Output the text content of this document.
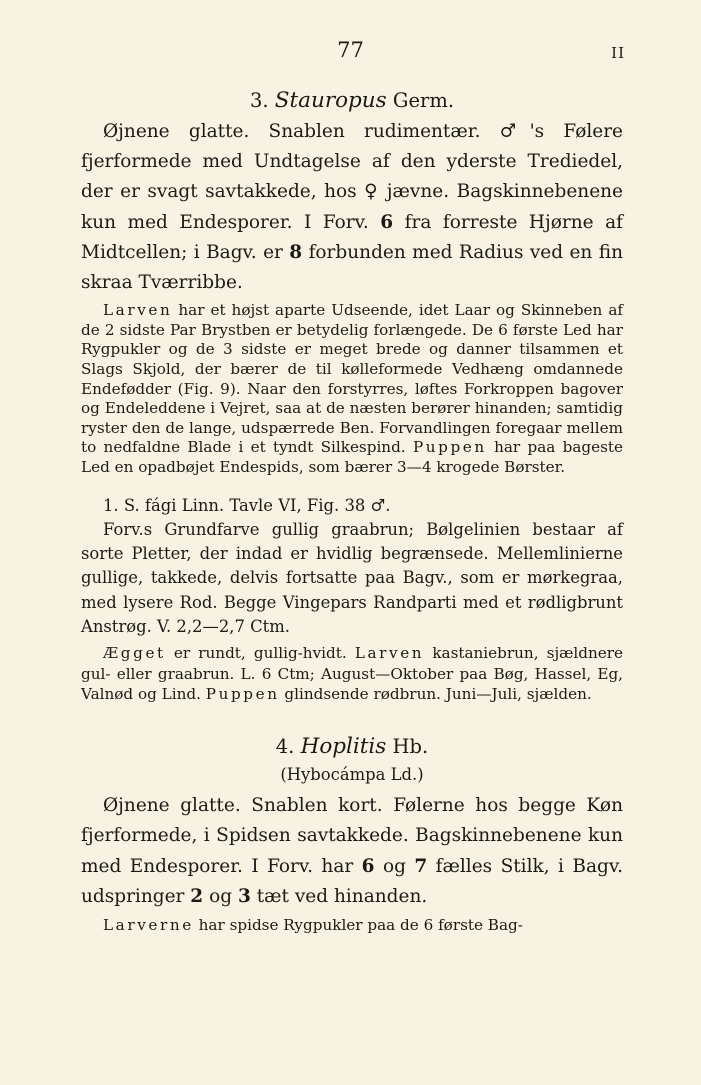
77	II

3. Stauropus Germ.

Øjnene glatte. Snablen rudimentær. ♂'s Følere fjerformede med Undtagelse af den yderste Trediedel, der er svagt savtakkede, hos ♀ jævne. Bagskinnebenene kun med Endesporer. I Forv. 6 fra forreste Hjørne af Midtcellen; i Bagv. er 8 forbunden med Radius ved en fin skraa Tværribbe.

Larven har et højst aparte Udseende, idet Laar og Skinneben af de 2 sidste Par Brystben er betydelig forlængede. De 6 første Led har Rygpukler og de 3 sidste er meget brede og danner tilsammen et Slags Skjold, der bærer de til kølleformede Vedhæng omdannede Endefødder (Fig. 9). Naar den forstyrres, løftes Forkroppen bagover og Endeleddene i Vejret, saa at de næsten berører hinanden; samtidig ryster den de lange, udspærrede Ben. Forvandlingen foregaar mellem to nedfaldne Blade i et tyndt Silkespind. Puppen har paa bageste Led en opadbøjet Endespids, som bærer 3—4 krogede Børster.

1. S. fági Linn. Tavle VI, Fig. 38 ♂.

Forv.s Grundfarve gullig graabrun; Bølgelinien bestaar af sorte Pletter, der indad er hvidlig begrænsede. Mellemlinierne gullige, takkede, delvis fortsatte paa Bagv., som er mørkegraa, med lysere Rod. Begge Vingepars Randparti med et rødligbrunt Anstrøg. V. 2,2—2,7 Ctm.

Ægget er rundt, gullig-hvidt. Larven kastaniebrun, sjældnere gul- eller graabrun. L. 6 Ctm; August—Oktober paa Bøg, Hassel, Eg, Valnød og Lind. Puppen glindsende rødbrun. Juni—Juli, sjælden.

4. Hoplitis Hb.

(Hybocámpa Ld.)

Øjnene glatte. Snablen kort. Følerne hos begge Køn fjerformede, i Spidsen savtakkede. Bagskinnebenene kun med Endesporer. I Forv. har 6 og 7 fælles Stilk, i Bagv. udspringer 2 og 3 tæt ved hinanden.

Larverne har spidse Rygpukler paa de 6 første Bag-
